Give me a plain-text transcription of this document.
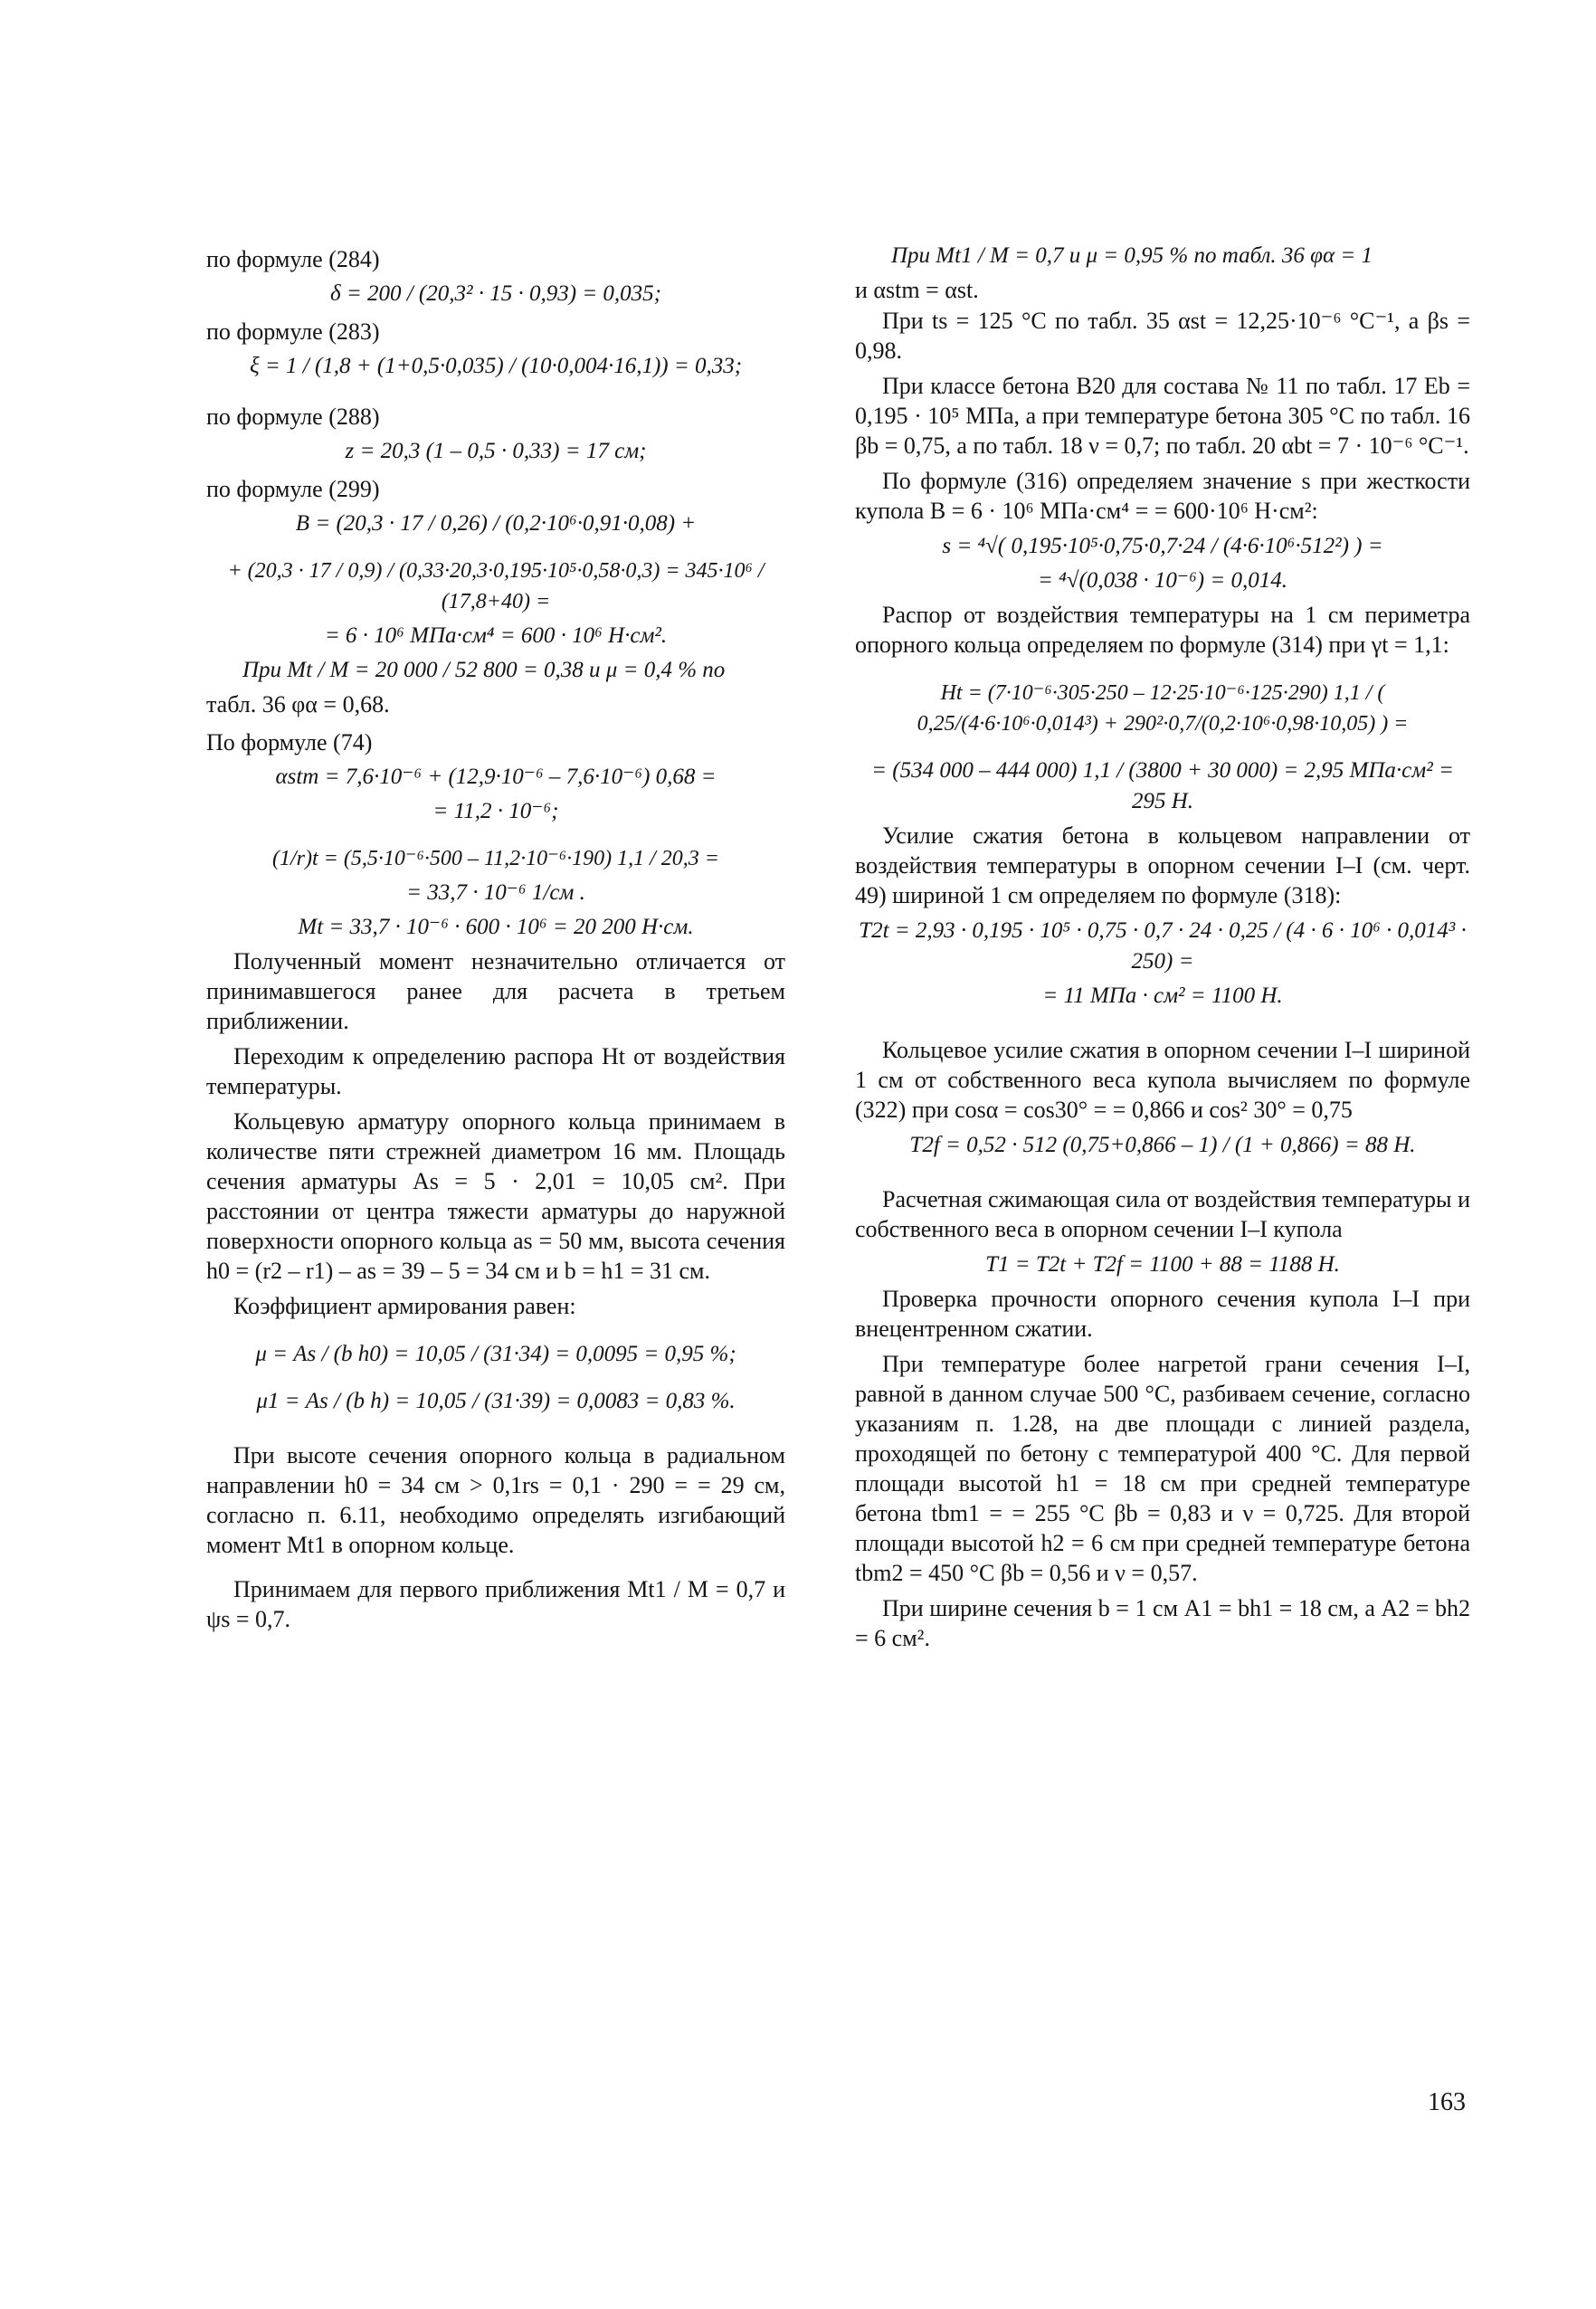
по формуле (284)

δ = 200 / (20,3² · 15 · 0,93) = 0,035;

по формуле (283)

ξ = 1 / (1,8 + (1+0,5·0,035) / (10·0,004·16,1)) = 0,33;

по формуле (288)

z = 20,3 (1 – 0,5 · 0,33) = 17 см;

по формуле (299)

B = (20,3 · 17 / 0,26) / (0,2·10⁶·0,91·0,08) +

+ (20,3 · 17 / 0,9) / (0,33·20,3·0,195·10⁵·0,58·0,3) = 345·10⁶ / (17,8+40) =

= 6 · 10⁶ МПа·см⁴ = 600 · 10⁶ Н·см².

При Mt / M = 20 000 / 52 800 = 0,38 и μ = 0,4 % по

табл. 36 φα = 0,68.

По формуле (74)

αstm = 7,6·10⁻⁶ + (12,9·10⁻⁶ – 7,6·10⁻⁶) 0,68 =

= 11,2 · 10⁻⁶;

(1/r)t = (5,5·10⁻⁶·500 – 11,2·10⁻⁶·190) 1,1 / 20,3 =

= 33,7 · 10⁻⁶ 1/см .

Mt = 33,7 · 10⁻⁶ · 600 · 10⁶ = 20 200 Н·см.

Полученный момент незначительно отличается от принимавшегося ранее для расчета в третьем приближении.

Переходим к определению распора Ht от воздействия температуры.

Кольцевую арматуру опорного кольца принимаем в количестве пяти стрежней диаметром 16 мм. Площадь сечения арматуры As = 5 · 2,01 = 10,05 см². При расстоянии от центра тяжести арматуры до наружной поверхности опорного кольца as = 50 мм, высота сечения h0 = (r2 – r1) – as = 39 – 5 = 34 см и b = h1 = 31 см.

Коэффициент армирования равен:

μ = As / (b h0) = 10,05 / (31·34) = 0,0095 = 0,95 %;

μ1 = As / (b h) = 10,05 / (31·39) = 0,0083 = 0,83 %.

При высоте сечения опорного кольца в радиальном направлении h0 = 34 см > 0,1rs = 0,1 · 290 = = 29 см, согласно п. 6.11, необходимо определять изгибающий момент Mt1 в опорном кольце.

Принимаем для первого приближения Mt1 / M = 0,7 и ψs = 0,7.

При Mt1 / M = 0,7 и μ = 0,95 % по табл. 36 φα = 1

и αstm = αst.

При ts = 125 °С по табл. 35 αst = 12,25·10⁻⁶ °С⁻¹, а βs = 0,98.

При классе бетона В20 для состава № 11 по табл. 17 Eb = 0,195 · 10⁵ МПа, а при температуре бетона 305 °С по табл. 16 βb = 0,75, а по табл. 18 ν = 0,7; по табл. 20 αbt = 7 · 10⁻⁶ °С⁻¹.

По формуле (316) определяем значение s при жесткости купола B = 6 · 10⁶ МПа·см⁴ = = 600·10⁶ Н·см²:

s = ⁴√( 0,195·10⁵·0,75·0,7·24 / (4·6·10⁶·512²) ) =

= ⁴√(0,038 · 10⁻⁶) = 0,014.

Распор от воздействия температуры на 1 см периметра опорного кольца определяем по формуле (314) при γt = 1,1:

Ht = (7·10⁻⁶·305·250 – 12·25·10⁻⁶·125·290) 1,1 / ( 0,25/(4·6·10⁶·0,014³) + 290²·0,7/(0,2·10⁶·0,98·10,05) ) =

= (534 000 – 444 000) 1,1 / (3800 + 30 000) = 2,95 МПа·см² = 295 Н.

Усилие сжатия бетона в кольцевом направлении от воздействия температуры в опорном сечении I–I (см. черт. 49) шириной 1 см определяем по формуле (318):

T2t = 2,93 · 0,195 · 10⁵ · 0,75 · 0,7 · 24 · 0,25 / (4 · 6 · 10⁶ · 0,014³ · 250) =

= 11 МПа · см² = 1100 Н.

Кольцевое усилие сжатия в опорном сечении I–I шириной 1 см от собственного веса купола вычисляем по формуле (322) при cosα = cos30° = = 0,866 и cos² 30° = 0,75

T2f = 0,52 · 512 (0,75+0,866 – 1) / (1 + 0,866) = 88 Н.

Расчетная сжимающая сила от воздействия температуры и собственного веса в опорном сечении I–I купола

T1 = T2t + T2f = 1100 + 88 = 1188 Н.

Проверка прочности опорного сечения купола I–I при внецентренном сжатии.

При температуре более нагретой грани сечения I–I, равной в данном случае 500 °С, разбиваем сечение, согласно указаниям п. 1.28, на две площади с линией раздела, проходящей по бетону с температурой 400 °С. Для первой площади высотой h1 = 18 см при средней температуре бетона tbm1 = = 255 °С βb = 0,83 и ν = 0,725. Для второй площади высотой h2 = 6 см при средней температуре бетона tbm2 = 450 °С βb = 0,56 и ν = 0,57.

При ширине сечения b = 1 см A1 = bh1 = 18 см, а A2 = bh2 = 6 см².

163
